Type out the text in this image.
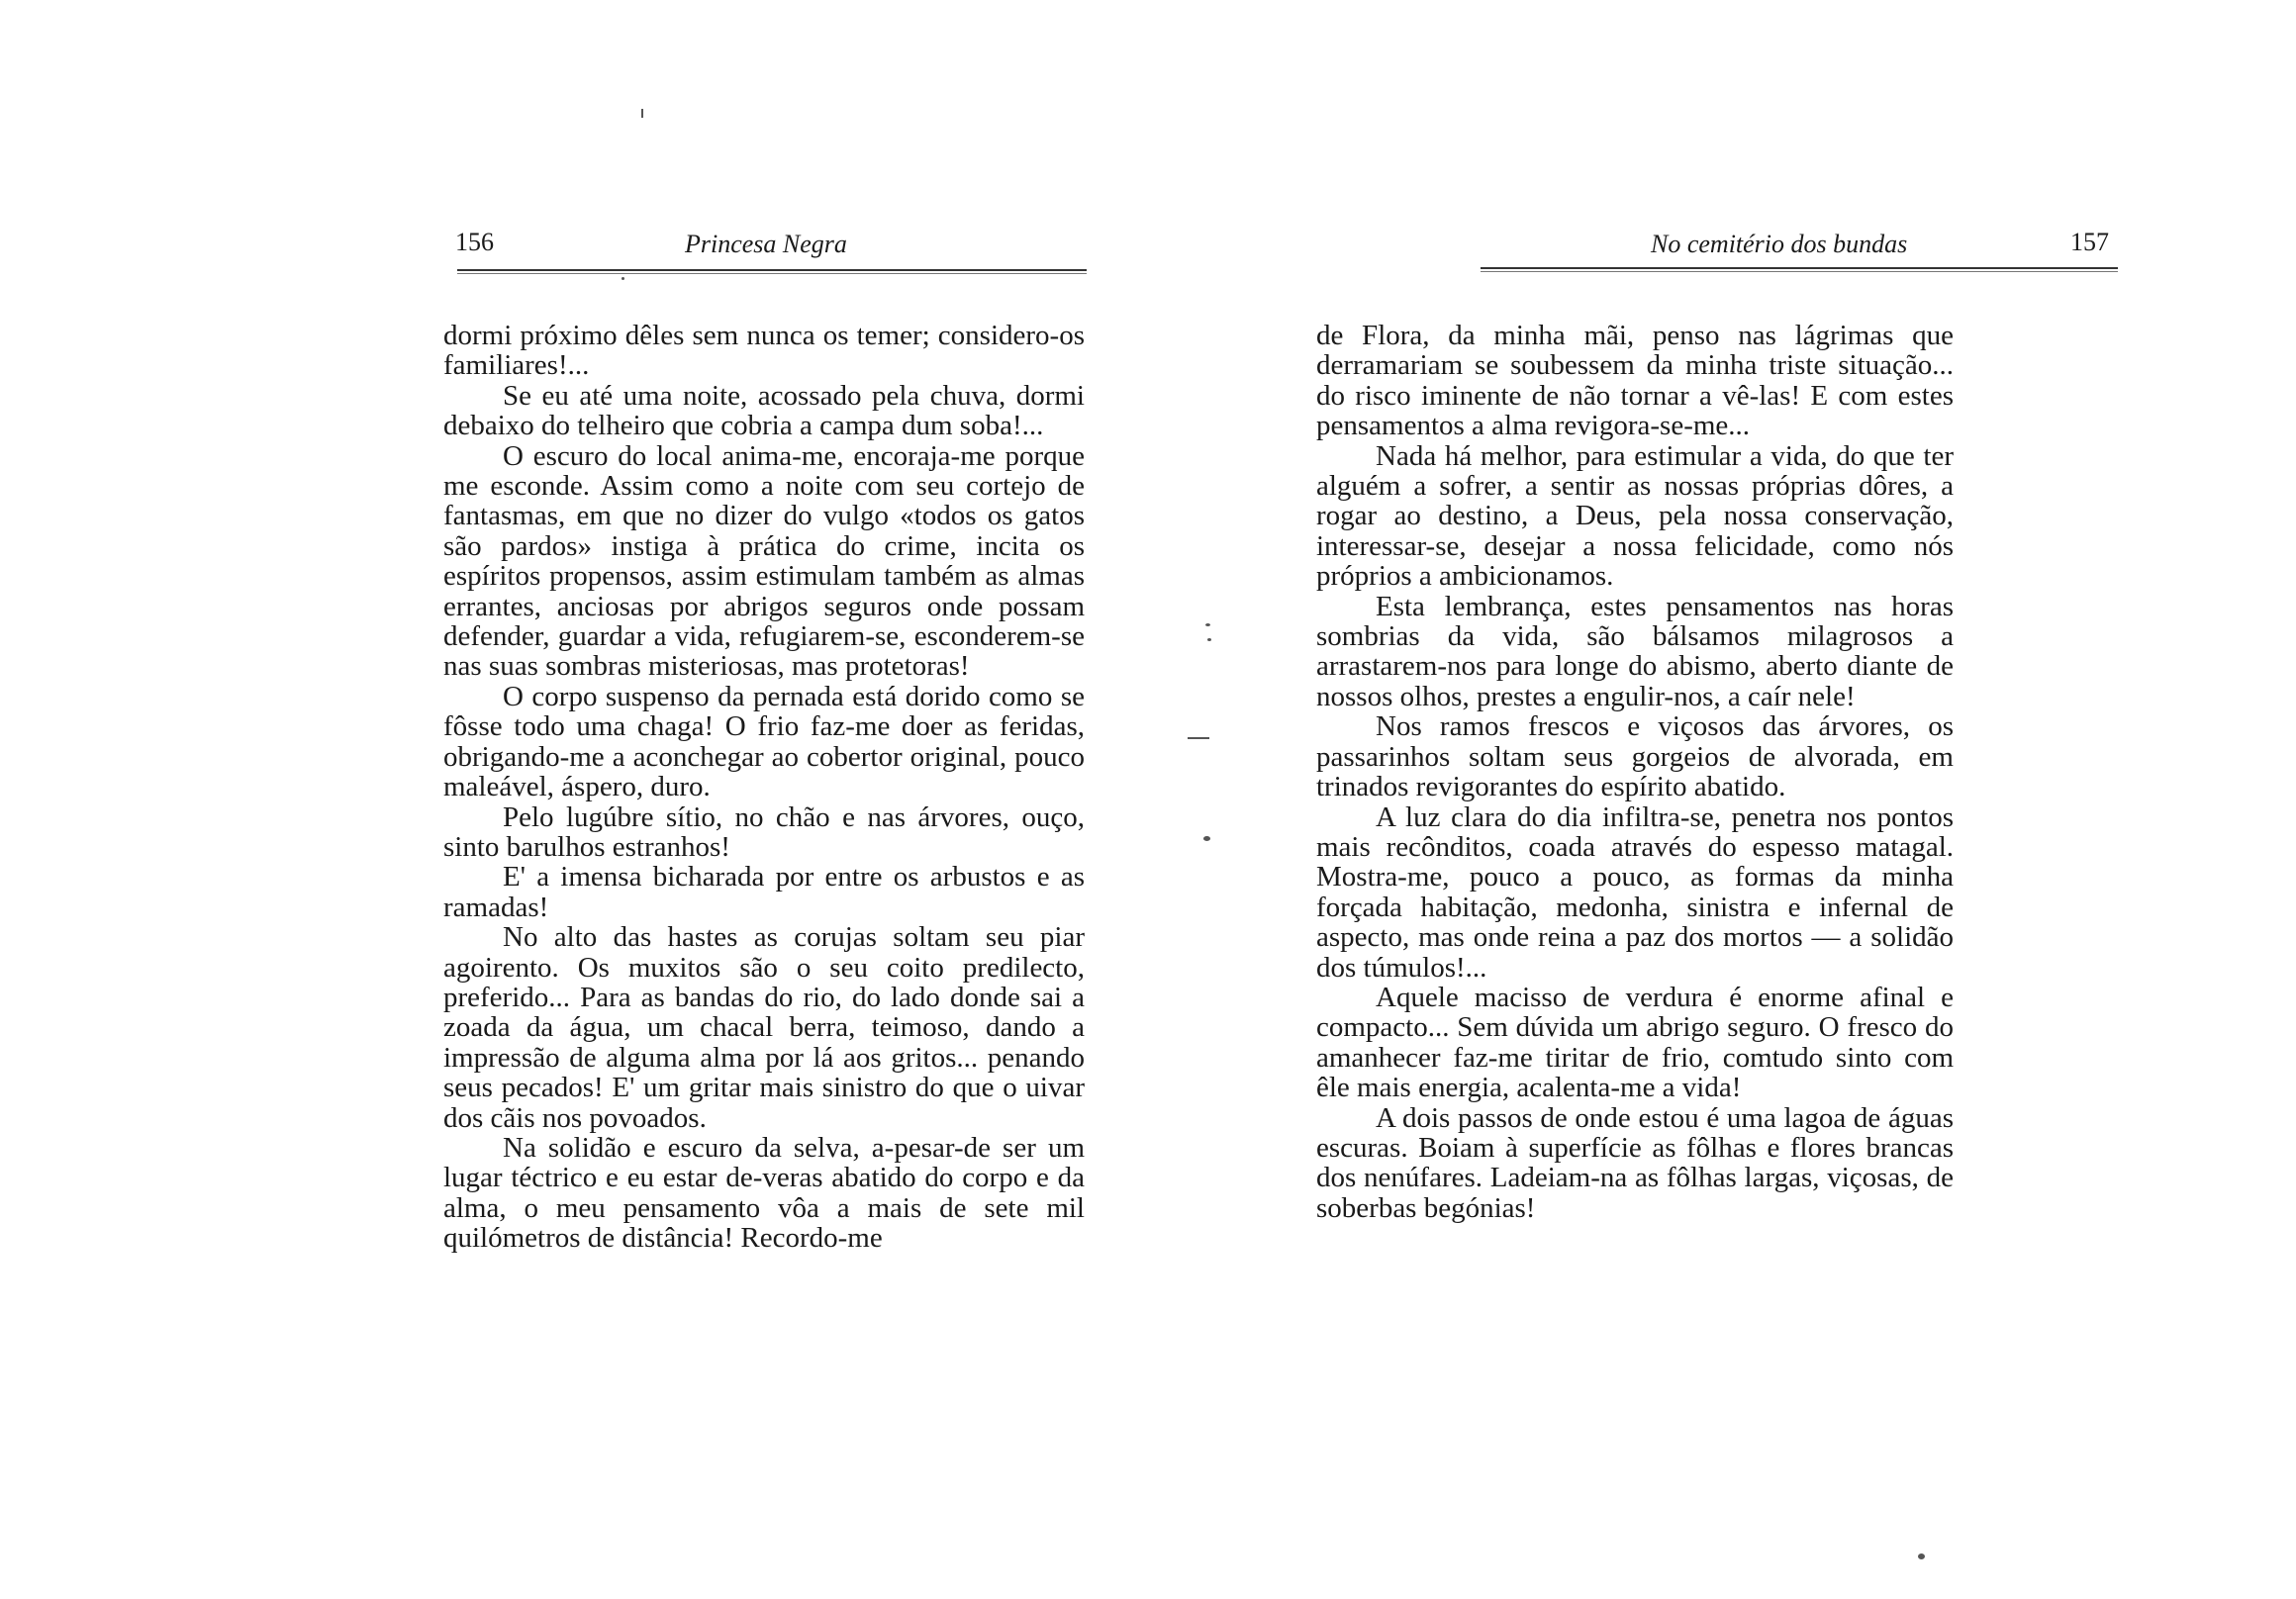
156	Princesa Negra

dormi próximo dêles sem nunca os temer; considero-os familiares!...

Se eu até uma noite, acossado pela chuva, dormi debaixo do telheiro que cobria a campa dum soba!...

O escuro do local anima-me, encoraja-me porque me esconde. Assim como a noite com seu cortejo de fantasmas, em que no dizer do vulgo «todos os gatos são pardos» instiga à prática do crime, incita os espíritos propensos, assim estimulam também as almas errantes, anciosas por abrigos seguros onde possam defender, guardar a vida, refugiarem-se, esconderem-se nas suas sombras misteriosas, mas protetoras!

O corpo suspenso da pernada está dorido como se fôsse todo uma chaga! O frio faz-me doer as feridas, obrigando-me a aconchegar ao cobertor original, pouco maleável, áspero, duro.

Pelo lugúbre sítio, no chão e nas árvores, ouço, sinto barulhos estranhos!

E' a imensa bicharada por entre os arbustos e as ramadas!

No alto das hastes as corujas soltam seu piar agoirento. Os muxitos são o seu coito predilecto, preferido... Para as bandas do rio, do lado donde sai a zoada da água, um chacal berra, teimoso, dando a impressão de alguma alma por lá aos gritos... penando seus pecados! E' um gritar mais sinistro do que o uivar dos cãis nos povoados.

Na solidão e escuro da selva, a-pesar-de ser um lugar téctrico e eu estar de-veras abatido do corpo e da alma, o meu pensamento vôa a mais de sete mil quilómetros de distância! Recordo-me

No cemitério dos bundas	157

de Flora, da minha mãi, penso nas lágrimas que derramariam se soubessem da minha triste situação... do risco iminente de não tornar a vê-las! E com estes pensamentos a alma revigora-se-me...

Nada há melhor, para estimular a vida, do que ter alguém a sofrer, a sentir as nossas próprias dôres, a rogar ao destino, a Deus, pela nossa conservação, interessar-se, desejar a nossa felicidade, como nós próprios a ambicionamos.

Esta lembrança, estes pensamentos nas horas sombrias da vida, são bálsamos milagrosos a arrastarem-nos para longe do abismo, aberto diante de nossos olhos, prestes a engulir-nos, a caír nele!

Nos ramos frescos e viçosos das árvores, os passarinhos soltam seus gorgeios de alvorada, em trinados revigorantes do espírito abatido.

A luz clara do dia infiltra-se, penetra nos pontos mais recônditos, coada através do espesso matagal. Mostra-me, pouco a pouco, as formas da minha forçada habitação, medonha, sinistra e infernal de aspecto, mas onde reina a paz dos mortos — a solidão dos túmulos!...

Aquele macisso de verdura é enorme afinal e compacto... Sem dúvida um abrigo seguro. O fresco do amanhecer faz-me tiritar de frio, comtudo sinto com êle mais energia, acalenta-me a vida!

A dois passos de onde estou é uma lagoa de águas escuras. Boiam à superfície as fôlhas e flores brancas dos nenúfares. Ladeiam-na as fôlhas largas, viçosas, de soberbas begónias!
